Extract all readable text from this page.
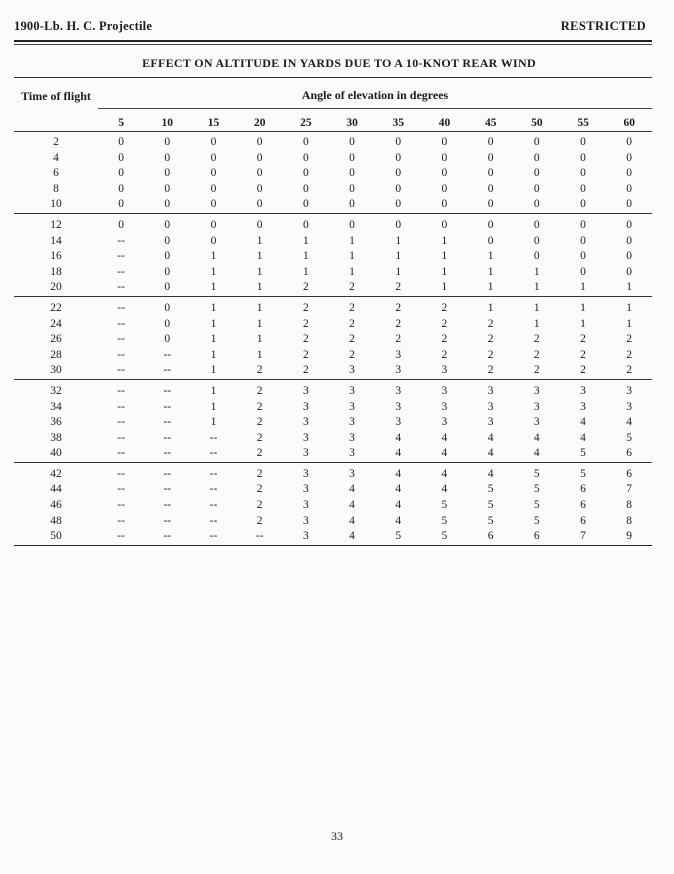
1900-Lb. H. C. Projectile	RESTRICTED
EFFECT ON ALTITUDE IN YARDS DUE TO A 10-KNOT REAR WIND
Time of flight	Angle of elevation in degrees
5	10	15	20	25	30	35	40	45	50	55	60
2	0	0	0	0	0	0	0	0	0	0	0	0
4	0	0	0	0	0	0	0	0	0	0	0	0
6	0	0	0	0	0	0	0	0	0	0	0	0
8	0	0	0	0	0	0	0	0	0	0	0	0
10	0	0	0	0	0	0	0	0	0	0	0	0

12	0	0	0	0	0	0	0	0	0	0	0	0
14	--	0	0	1	1	1	1	1	0	0	0	0
16	--	0	1	1	1	1	1	1	1	0	0	0
18	--	0	1	1	1	1	1	1	1	1	0	0
20	--	0	1	1	2	2	2	1	1	1	1	1

22	--	0	1	1	2	2	2	2	1	1	1	1
24	--	0	1	1	2	2	2	2	2	1	1	1
26	--	0	1	1	2	2	2	2	2	2	2	2
28	--	--	1	1	2	2	3	2	2	2	2	2
30	--	--	1	2	2	3	3	3	2	2	2	2

32	--	--	1	2	3	3	3	3	3	3	3	3
34	--	--	1	2	3	3	3	3	3	3	3	3
36	--	--	1	2	3	3	3	3	3	3	4	4
38	--	--	--	2	3	3	4	4	4	4	4	5
40	--	--	--	2	3	3	4	4	4	4	5	6

42	--	--	--	2	3	3	4	4	4	5	5	6
44	--	--	--	2	3	4	4	4	5	5	6	7
46	--	--	--	2	3	4	4	5	5	5	6	8
48	--	--	--	2	3	4	4	5	5	5	6	8
50	--	--	--	--	3	4	5	5	6	6	7	9

33
